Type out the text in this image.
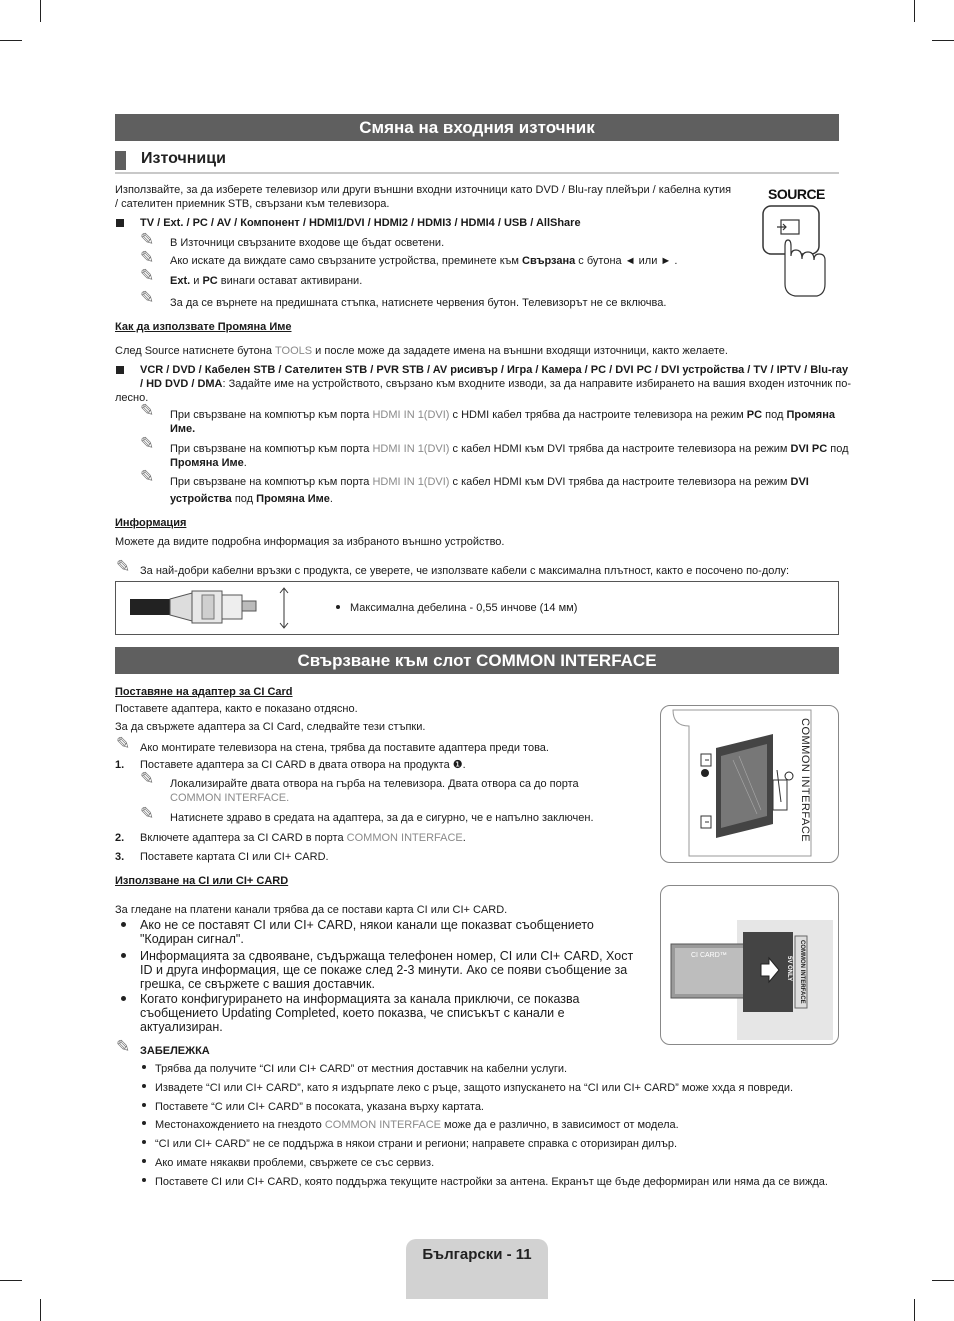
Смяна на входния източник
Източници
Използвайте, за да изберете телевизор или други външни входни източници като DVD / Blu-ray плейъри / кабелна кутия
/ сателитен приемник STB, свързани към телевизора.
TV / Ext. / PC / AV / Компонент / HDMI1/DVI / HDMI2 / HDMI3 / HDMI4 / USB / AllShare
✎ В Източници свързаните входове ще бъдат осветени.
✎ Ако искате да виждате само свързаните устройства, преминете към Свързана с бутона ◄ или ► .
✎ Ext. и PC винаги остават активирани.
✎ За да се върнете на предишната стъпка, натиснете червения бутон. Телевизорът не се включва.
SOURCE
Как да използвате Промяна Име
След Source натиснете бутона TOOLS и после може да зададете имена на външни входящи източници, както желаете.
VCR / DVD / Кабелен STB / Сателитен STB / PVR STB / AV рисивър / Игра / Камера / PC / DVI PC / DVI устройства / TV / IPTV / Blu-ray
/ HD DVD / DMA: Задайте име на устройството, свързано към входните изводи, за да направите избирането на вашия входен източник по-
лесно.
✎ При свързване на компютър към порта HDMI IN 1(DVI) с HDMI кабел трябва да настроите телевизора на режим PC под Промяна
Име.
✎ При свързване на компютър към порта HDMI IN 1(DVI) с кабел HDMI към DVI трябва да настроите телевизора на режим DVI PC под
Промяна Име.
✎ При свързване на компютър към порта HDMI IN 1(DVI) с кабел HDMI към DVI трябва да настроите телевизора на режим DVI
устройства под Промяна Име.
Информация
Можете да видите подробна информация за избраното външно устройство.
✎ За най-добри кабелни връзки с продукта, се уверете, че използвате кабели с максимална плътност, както е посочено по-долу:
Максимална дебелина - 0,55 инчове (14 мм)
Свързване към слот COMMON INTERFACE
Поставяне на адаптер за CI Card
Поставете адаптера, както е показано отдясно.
За да свържете адаптера за CI Card, следвайте тези стъпки.
✎ Ако монтирате телевизора на стена, трябва да поставите адаптера преди това.
1. Поставете адаптера за CI CARD в двата отвора на продукта ❶.
✎ Локализирайте двата отвора на гърба на телевизора. Двата отвора са до порта
COMMON INTERFACE.
✎ Натиснете здраво в средата на адаптера, за да е сигурно, че е напълно заключен.
2. Включете адаптера за CI CARD в порта COMMON INTERFACE.
3. Поставете картата CI или CI+ CARD.
COMMON INTERFACE
Използване на CI или CI+ CARD
За гледане на платени канали трябва да се постави карта CI или CI+ CARD.
Ако не се поставят CI или CI+ CARD, някои канали ще показват съобщението "Кодиран сигнал".
Информацията за сдвояване, съдържаща телефонен номер, CI или CI+ CARD, Хост ID и друга информация, ще се покаже след 2-3 минути. Ако се появи съобщение за грешка, се свържете с вашия доставчик.
Когато конфигурирането на информацията за канала приключи, се показва съобщението Updating Completed, което показва, че списъкът с канали е актуализиран.
CI CARD™	COMMON INTERFACE
5V ONLY
✎ ЗАБЕЛЕЖКА
Трябва да получите “CI или CI+ CARD” от местния доставчик на кабелни услуги.
Извадете “CI или CI+ CARD”, като я издърпате леко с ръце, защото изпускането на “CI или CI+ CARD” може хxда я повреди.
Поставете “C или CI+ CARD” в посоката, указана върху картата.
Местонахождението на гнездото COMMON INTERFACE може да е различно, в зависимост от модела.
“CI или CI+ CARD” не се поддържа в някои страни и региони; направете справка с оторизиран дилър.
Ако имате някакви проблеми, свържете се със сервиз.
Поставете CI или CI+ CARD, която поддържа текущите настройки за антена. Екранът ще бъде деформиран или няма да се вижда.
Български - 11
